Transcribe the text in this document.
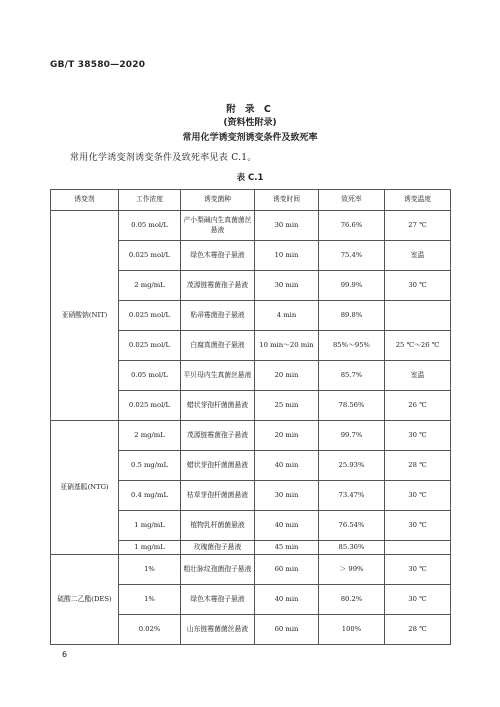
GB/T 38580—2020
附 录 C
(资料性附录)
常用化学诱变剂诱变条件及致死率
常用化学诱变剂诱变条件及致死率见表 C.1。
表 C.1
诱变剂	工作浓度	诱变菌种	诱变时间	致死率	诱变温度
亚硝酸钠(NIT)	0.05 mol/L	产小梨碱内生真菌菌丝悬液	30 min	76.6%	27 ℃
	0.025 mol/L	绿色木霉孢子悬液	10 min	75.4%	室温
	2 mg/mL	茂源链霉菌孢子悬液	30 min	99.9%	30 ℃
	0.025 mol/L	粘帚霉菌孢子悬液	4 min	89.8%	
	0.025 mol/L	白腐真菌孢子悬液	10 min～20 min	85%～95%	25 ℃～26 ℃
	0.05 mol/L	平贝母内生真菌丝悬液	20 min	85.7%	室温
	0.025 mol/L	蜡状芽孢杆菌菌悬液	25 min	78.56%	26 ℃
亚硝基胍(NTG)	2 mg/mL	茂源链霉菌孢子悬液	20 min	99.7%	30 ℃
	0.5 mg/mL	蜡状芽孢杆菌菌悬液	40 min	25.93%	28 ℃
	0.4 mg/mL	枯草芽孢杆菌菌悬液	30 min	73.47%	30 ℃
	1 mg/mL	植物乳杆菌菌悬液	40 min	76.54%	30 ℃
	1 mg/mL	玫瑰菌孢子悬液	45 min	85.36%	
硫酸二乙酯(DES)	1%	粗壮脉纹孢菌孢子悬液	60 min	＞ 99%	30 ℃
	1%	绿色木霉孢子悬液	40 min	80.2%	30 ℃
	0.02%	山东链霉菌菌丝悬液	60 min	100%	28 ℃
6
